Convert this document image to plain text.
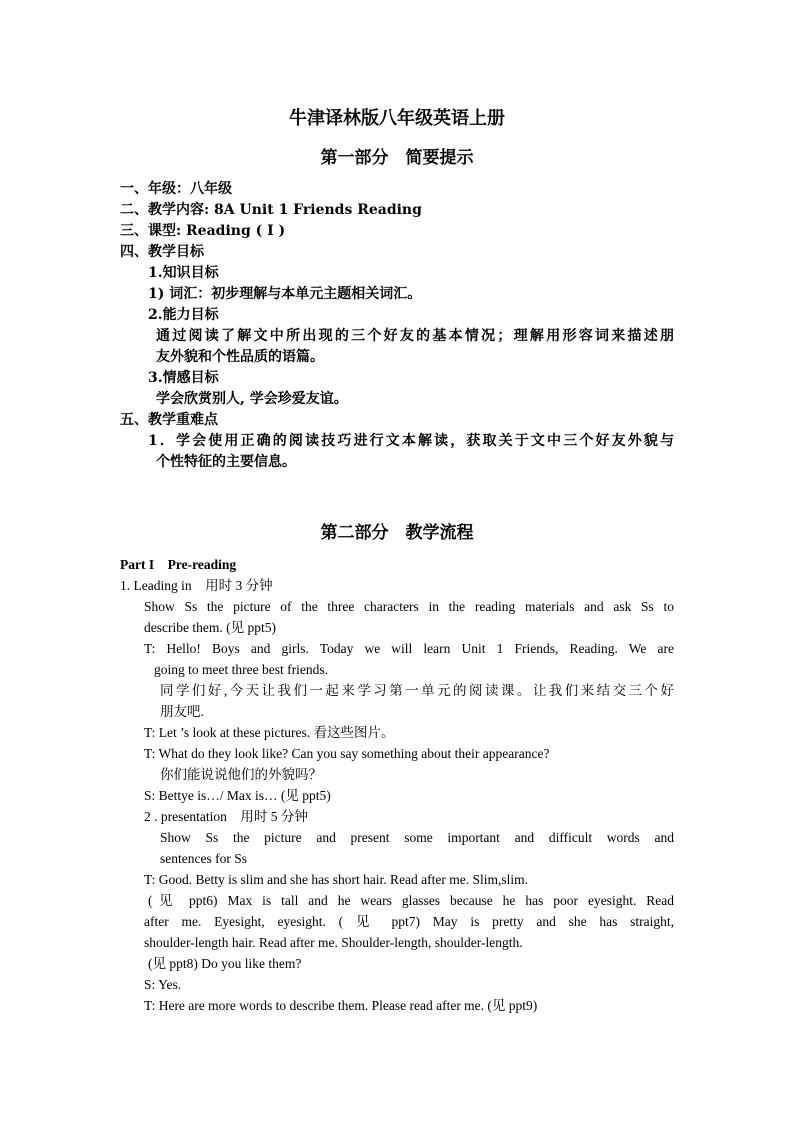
牛津译林版八年级英语上册

第一部分　简要提示

一、年级：八年级

二、教学内容: 8A Unit 1 Friends Reading

三、课型: Reading ( I )

四、教学目标

1.知识目标

1) 词汇：初步理解与本单元主题相关词汇。

2.能力目标

通过阅读了解文中所出现的三个好友的基本情况；理解用形容词来描述朋

友外貌和个性品质的语篇。

3.情感目标

学会欣赏别人, 学会珍爱友谊。

五、教学重难点

1．学会使用正确的阅读技巧进行文本解读，获取关于文中三个好友外貌与

个性特征的主要信息。

第二部分　教学流程

Part I　Pre-reading

1. Leading in　用时 3 分钟

Show Ss the picture of the three characters in the reading materials and ask Ss to

describe them. (见 ppt5)

T: Hello! Boys and girls. Today we will learn Unit 1 Friends, Reading. We are

going to meet three best friends.

同学们好,今天让我们一起来学习第一单元的阅读课。让我们来结交三个好

朋友吧.

T: Let ’s look at these pictures. 看这些图片。

T: What do they look like? Can you say something about their appearance?

你们能说说他们的外貌吗？

S: Bettye is…/ Max is… (见 ppt5)

2 . presentation　用时 5 分钟

Show Ss the picture and present some important and difficult words and

sentences for Ss

T: Good. Betty is slim and she has short hair. Read after me. Slim,slim.

(见 ppt6) Max is tall and he wears glasses because he has poor eyesight. Read

after me. Eyesight, eyesight. ( 见 ppt7) May is pretty and she has straight,

shoulder-length hair. Read after me. Shoulder-length, shoulder-length.

(见 ppt8) Do you like them?

S: Yes.

T: Here are more words to describe them. Please read after me. (见 ppt9)
